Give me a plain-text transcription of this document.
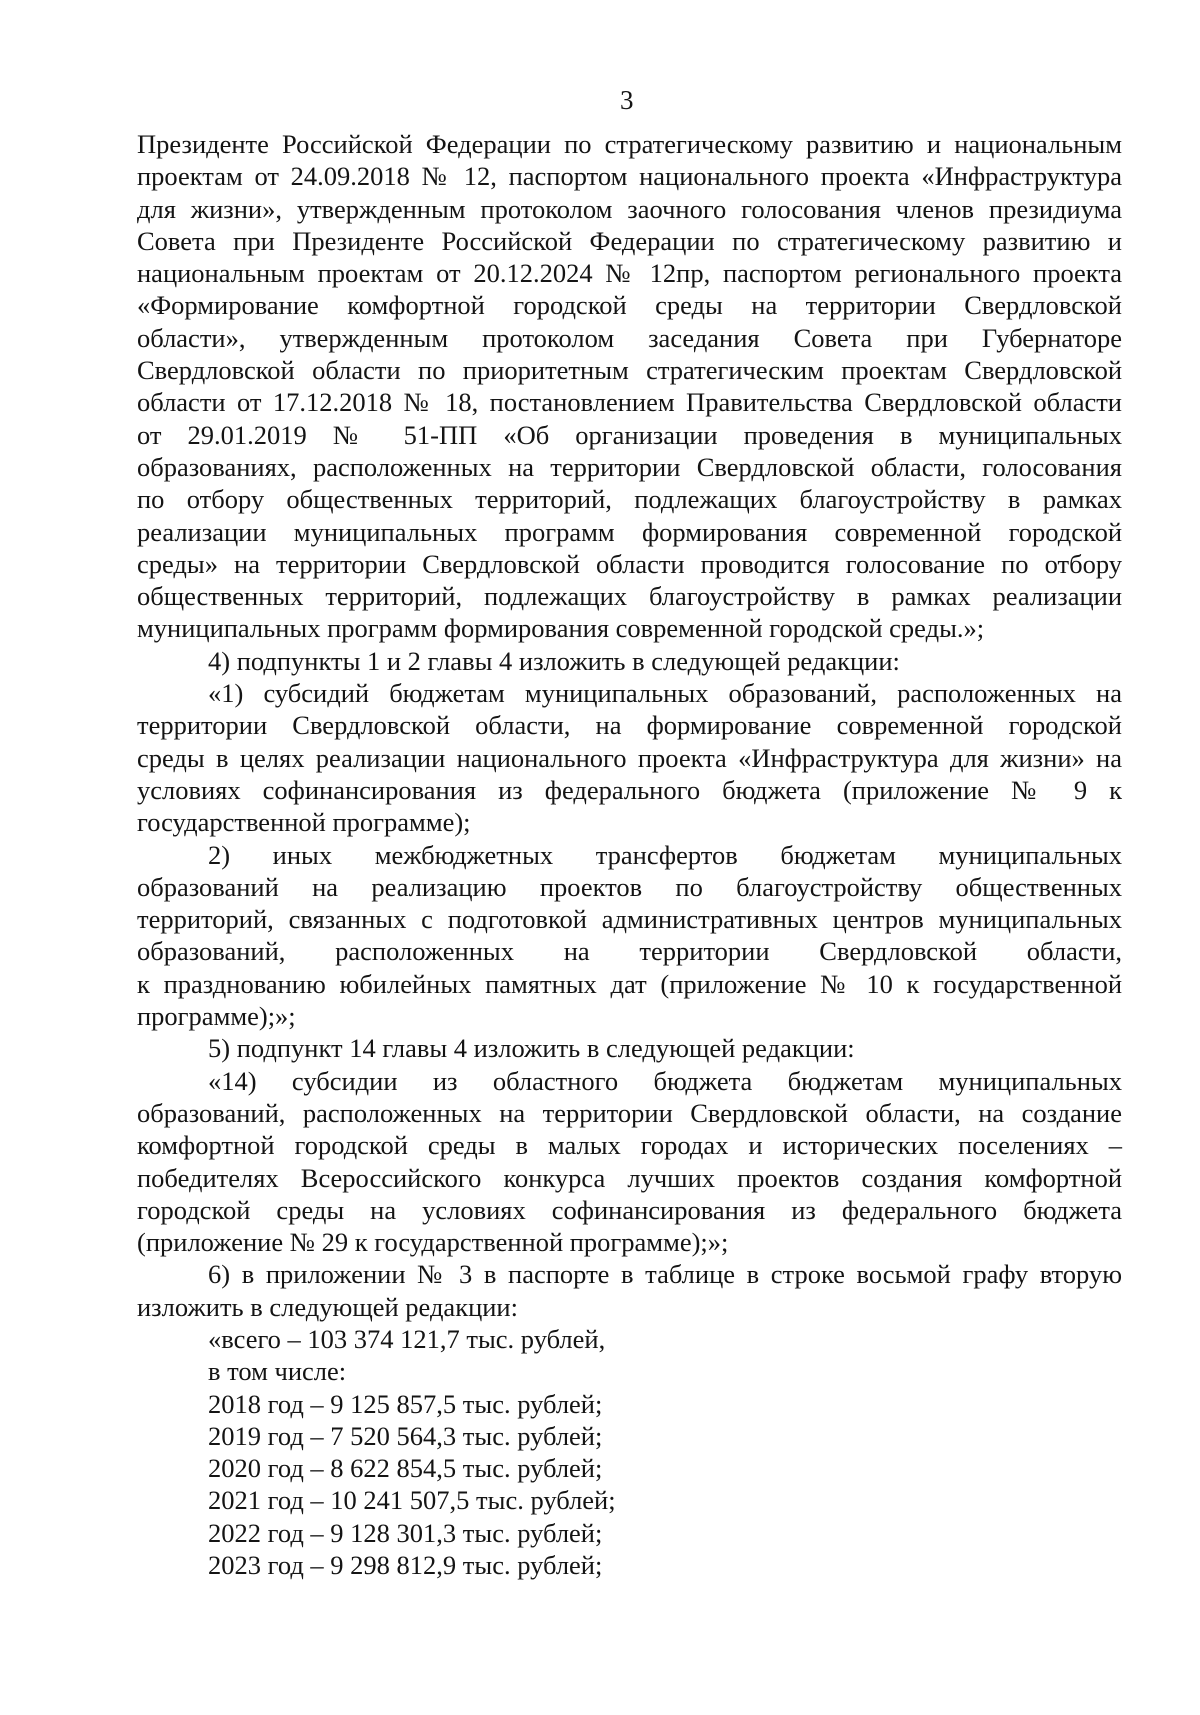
3
Президенте Российской Федерации по стратегическому развитию и национальным
проектам от 24.09.2018 № 12, паспортом национального проекта «Инфраструктура
для жизни», утвержденным протоколом заочного голосования членов президиума
Совета при Президенте Российской Федерации по стратегическому развитию и
национальным проектам от 20.12.2024 № 12пр, паспортом регионального проекта
«Формирование комфортной городской среды на территории Свердловской
области», утвержденным протоколом заседания Совета при Губернаторе
Свердловской области по приоритетным стратегическим проектам Свердловской
области от 17.12.2018 № 18, постановлением Правительства Свердловской области
от 29.01.2019 № 51-ПП «Об организации проведения в муниципальных
образованиях, расположенных на территории Свердловской области, голосования
по отбору общественных территорий, подлежащих благоустройству в рамках
реализации муниципальных программ формирования современной городской
среды» на территории Свердловской области проводится голосование по отбору
общественных территорий, подлежащих благоустройству в рамках реализации
муниципальных программ формирования современной городской среды.»;
4) подпункты 1 и 2 главы 4 изложить в следующей редакции:
«1) субсидий бюджетам муниципальных образований, расположенных на
территории Свердловской области, на формирование современной городской
среды в целях реализации национального проекта «Инфраструктура для жизни» на
условиях софинансирования из федерального бюджета (приложение № 9 к
государственной программе);
2) иных межбюджетных трансфертов бюджетам муниципальных
образований на реализацию проектов по благоустройству общественных
территорий, связанных с подготовкой административных центров муниципальных
образований, расположенных на территории Свердловской области,
к празднованию юбилейных памятных дат (приложение № 10 к государственной
программе);»;
5) подпункт 14 главы 4 изложить в следующей редакции:
«14) субсидии из областного бюджета бюджетам муниципальных
образований, расположенных на территории Свердловской области, на создание
комфортной городской среды в малых городах и исторических поселениях –
победителях Всероссийского конкурса лучших проектов создания комфортной
городской среды на условиях софинансирования из федерального бюджета
(приложение № 29 к государственной программе);»;
6) в приложении № 3 в паспорте в таблице в строке восьмой графу вторую
изложить в следующей редакции:
«всего – 103 374 121,7 тыс. рублей,
в том числе:
2018 год – 9 125 857,5 тыс. рублей;
2019 год – 7 520 564,3 тыс. рублей;
2020 год – 8 622 854,5 тыс. рублей;
2021 год – 10 241 507,5 тыс. рублей;
2022 год – 9 128 301,3 тыс. рублей;
2023 год – 9 298 812,9 тыс. рублей;
